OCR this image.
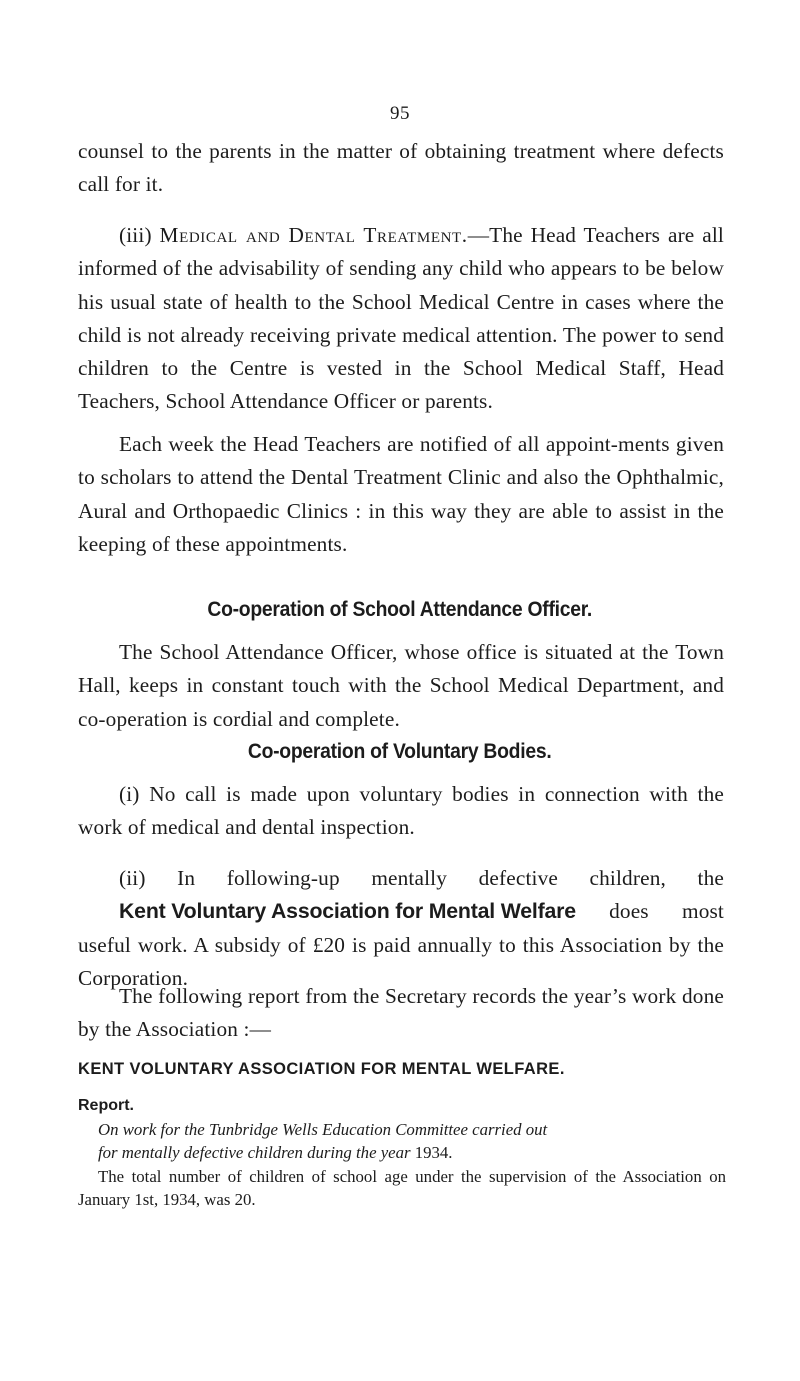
95

counsel to the parents in the matter of obtaining treatment where defects call for it.

(iii) Medical and Dental Treatment.—The Head Teachers are all informed of the advisability of sending any child who appears to be below his usual state of health to the School Medical Centre in cases where the child is not already receiving private medical attention. The power to send children to the Centre is vested in the School Medical Staff, Head Teachers, School Attendance Officer or parents.

Each week the Head Teachers are notified of all appoint-ments given to scholars to attend the Dental Treatment Clinic and also the Ophthalmic, Aural and Orthopaedic Clinics : in this way they are able to assist in the keeping of these appointments.

Co-operation of School Attendance Officer.

The School Attendance Officer, whose office is situated at the Town Hall, keeps in constant touch with the School Medical Department, and co-operation is cordial and complete.

Co-operation of Voluntary Bodies.

(i) No call is made upon voluntary bodies in connection with the work of medical and dental inspection.

(ii) In following-up mentally defective children, the Kent Voluntary Association for Mental Welfare does most useful work. A subsidy of £20 is paid annually to this Association by the Corporation.

The following report from the Secretary records the year’s work done by the Association :—

KENT VOLUNTARY ASSOCIATION FOR MENTAL WELFARE.
Report.

On work for the Tunbridge Wells Education Committee carried out

for mentally defective children during the year 1934.

The total number of children of school age under the supervision of the Association on January 1st, 1934, was 20.
